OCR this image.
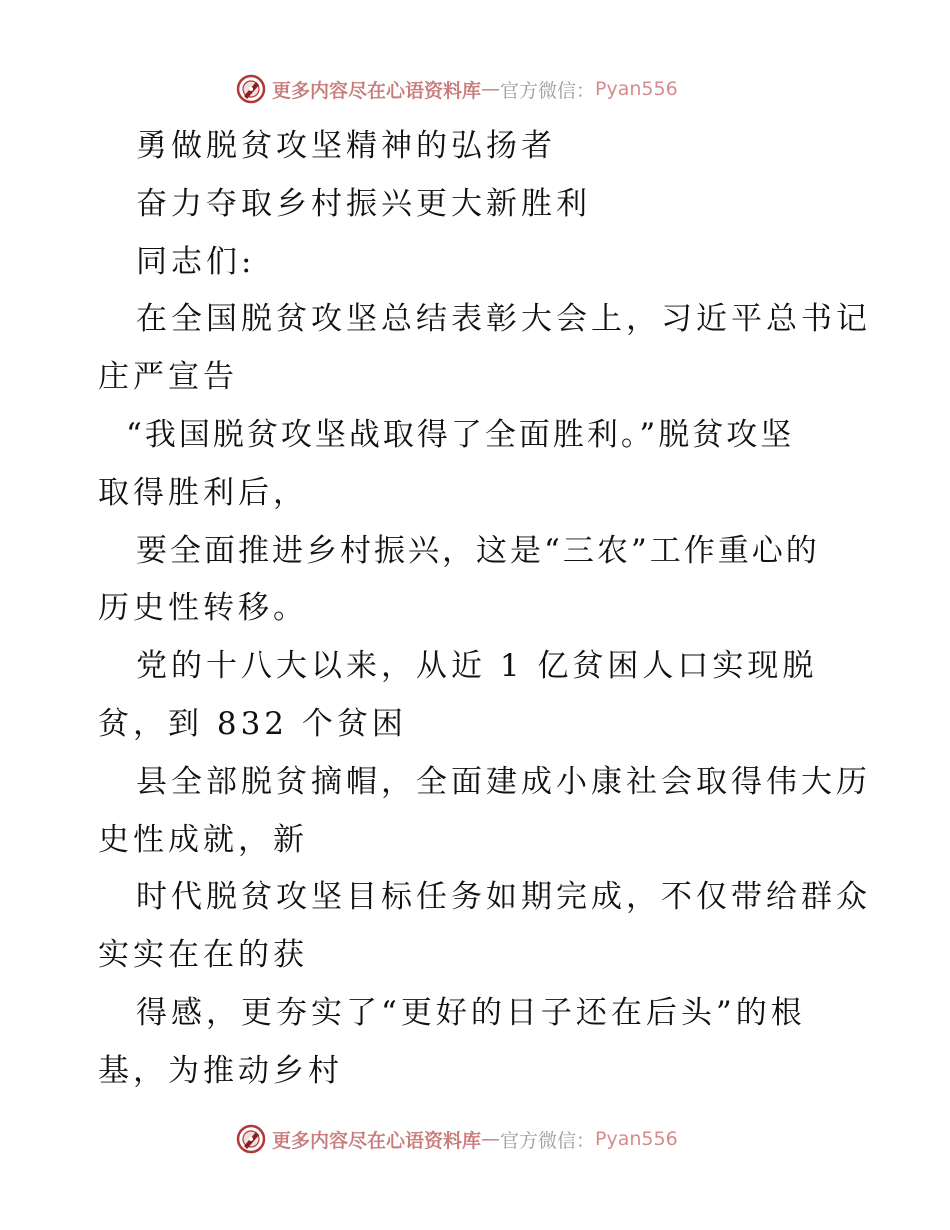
更多内容尽在心语资料库 — 官方微信： Pyan556
勇做脱贫攻坚精神的弘扬者
奋力夺取乡村振兴更大新胜利
同志们:
在全国脱贫攻坚总结表彰大会上，习近平总书记
庄严宣告
“我国脱贫攻坚战取得了全面胜利。”脱贫攻坚
取得胜利后，
要全面推进乡村振兴，这是“三农”工作重心的
历史性转移。
党的十八大以来，从近 1 亿贫困人口实现脱
贫，到 832 个贫困
县全部脱贫摘帽，全面建成小康社会取得伟大历
史性成就，新
时代脱贫攻坚目标任务如期完成，不仅带给群众
实实在在的获
得感，更夯实了“更好的日子还在后头”的根
基，为推动乡村
更多内容尽在心语资料库 — 官方微信： Pyan556
